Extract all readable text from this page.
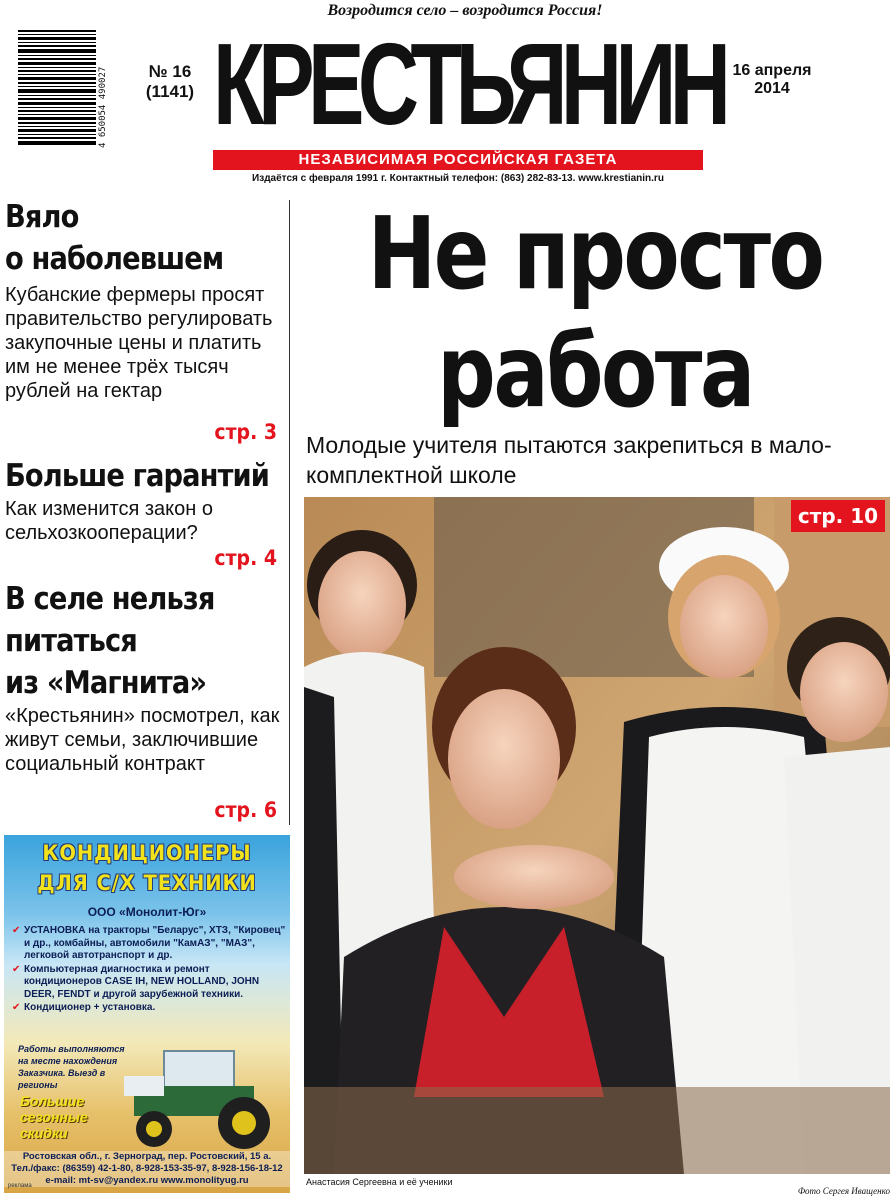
Возродится село – возродится Россия!
4 650054 490027	№ 16
(1141) КРЕСТЬЯНИН
НЕЗАВИСИМАЯ РОССИЙСКАЯ ГАЗЕТА
Издаётся с февраля 1991 г. Контактный телефон: (863) 282-83-13. www.krestianin.ru
16 апреля
2014
Вяло
о наболевшем
Кубанские фермеры просят правительство регулировать закупочные цены и платить им не менее трёх тысяч рублей на гектар
стр. 3
Больше гарантий
Как изменится закон о сельхозкооперации?
стр. 4
В селе нельзя
питаться
из «Магнита»
«Крестьянин» посмотрел, как живут семьи, заключившие социальный контракт
стр. 6
Не просто
работа
Молодые учителя пытаются закрепиться в мало-комплектной школе
стр. 10
Анастасия Сергеевна и её ученики
Фото Сергея Иващенко
КОНДИЦИОНЕРЫ
ДЛЯ С/Х ТЕХНИКИ
ООО «Монолит-Юг»
✔ УСТАНОВКА на тракторы "Беларус", ХТЗ, "Кировец" и др., комбайны, автомобили "КамАЗ", "МАЗ", легковой автотранспорт и др.
✔ Компьютерная диагностика и ремонт кондиционеров CASE IH, NEW HOLLAND, JOHN DEER, FENDT и другой зарубежной техники.
✔ Кондиционер + установка.
Работы выполняются на месте нахождения Заказчика. Выезд в регионы
Большие сезонные скидки
Ростовская обл., г. Зерноград, пер. Ростовский, 15 а.
Тел./факс: (86359) 42-1-80, 8-928-153-35-97, 8-928-156-18-12
e-mail: mt-sv@yandex.ru www.monolityug.ru
реклама
